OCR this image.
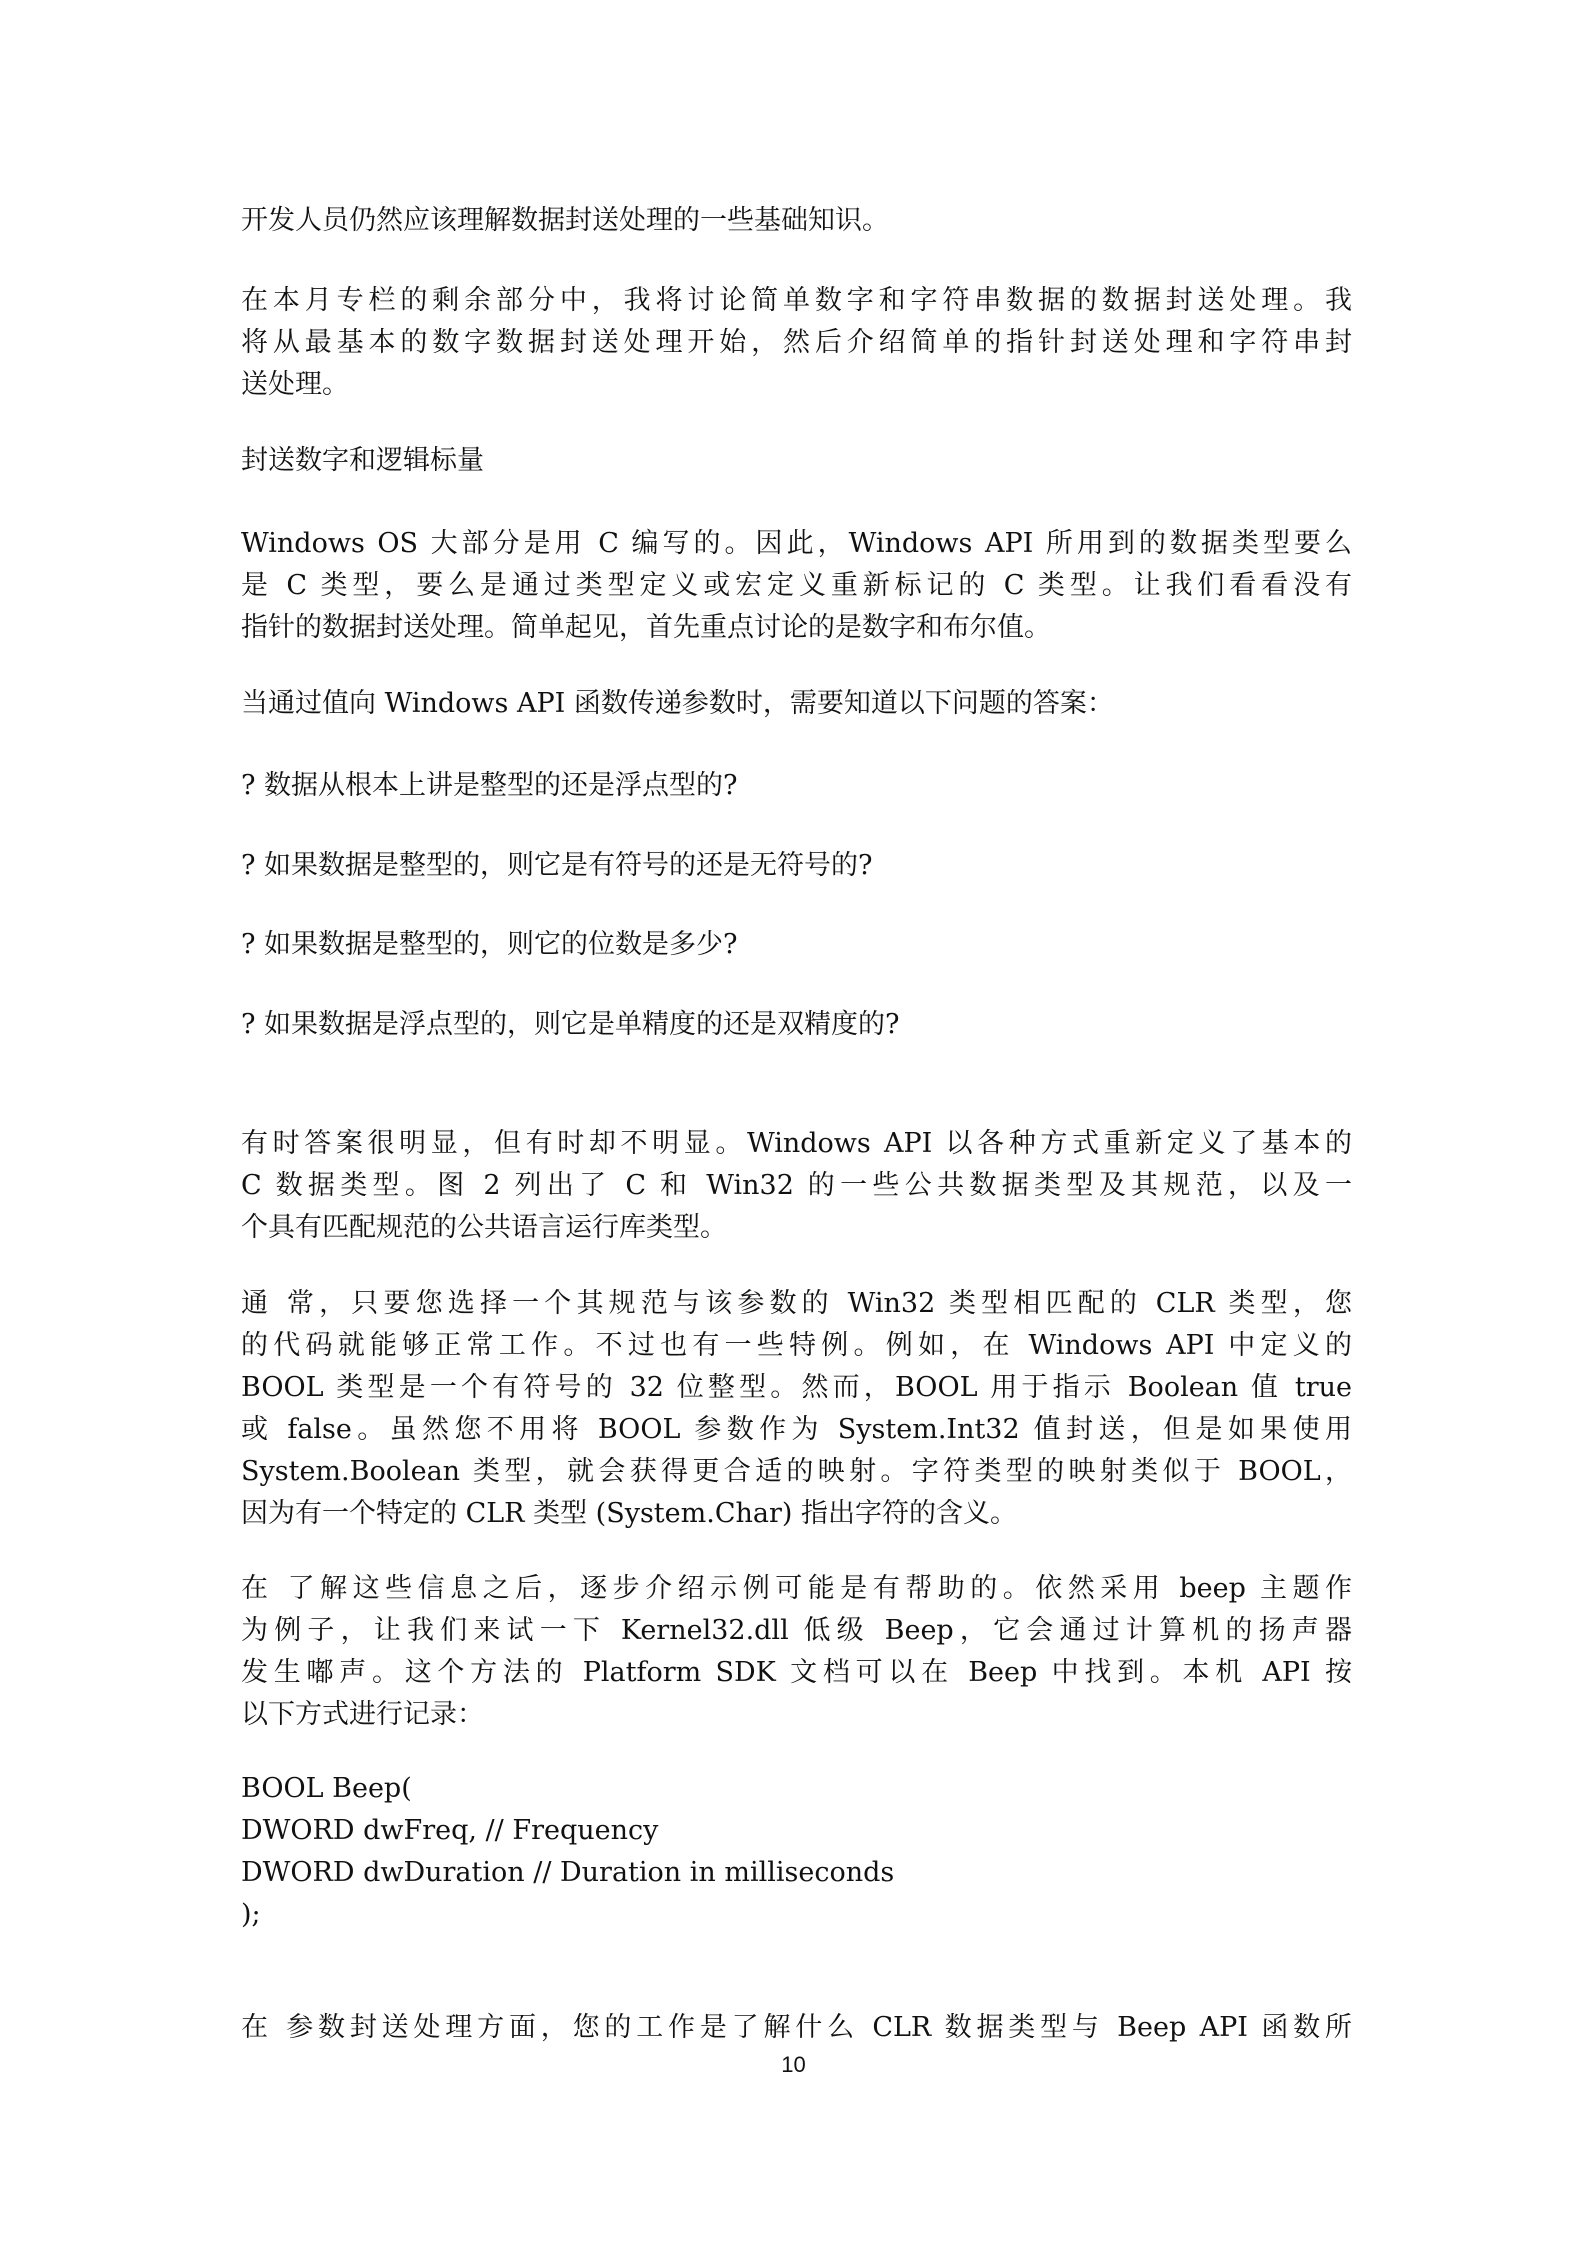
开发人员仍然应该理解数据封送处理的一些基础知识。
在本月专栏的剩余部分中，我将讨论简单数字和字符串数据的数据封送处理。我
将从最基本的数字数据封送处理开始，然后介绍简单的指针封送处理和字符串封
送处理。
封送数字和逻辑标量
Windows OS 大部分是用 C 编写的。因此，Windows API 所用到的数据类型要么
是 C 类型，要么是通过类型定义或宏定义重新标记的 C 类型。让我们看看没有
指针的数据封送处理。简单起见，首先重点讨论的是数字和布尔值。
当通过值向 Windows API 函数传递参数时，需要知道以下问题的答案：
? 数据从根本上讲是整型的还是浮点型的?
? 如果数据是整型的，则它是有符号的还是无符号的?
? 如果数据是整型的，则它的位数是多少?
? 如果数据是浮点型的，则它是单精度的还是双精度的?
有时答案很明显，但有时却不明显。Windows API 以各种方式重新定义了基本的
C 数据类型。图 2 列出了 C 和 Win32 的一些公共数据类型及其规范，以及一
个具有匹配规范的公共语言运行库类型。
通 常，只要您选择一个其规范与该参数的 Win32 类型相匹配的 CLR 类型，您
的代码就能够正常工作。不过也有一些特例。例如，在 Windows API 中定义的
BOOL 类型是一个有符号的 32 位整型。然而，BOOL 用于指示 Boolean 值 true
或 false。虽然您不用将 BOOL 参数作为 System.Int32 值封送，但是如果使用
System.Boolean 类型，就会获得更合适的映射。字符类型的映射类似于 BOOL，
因为有一个特定的 CLR 类型 (System.Char) 指出字符的含义。
在 了解这些信息之后，逐步介绍示例可能是有帮助的。依然采用 beep 主题作
为例子，让我们来试一下 Kernel32.dll 低级 Beep，它会通过计算机的扬声器
发生嘟声。这个方法的 Platform SDK 文档可以在 Beep 中找到。本机 API 按
以下方式进行记录：
BOOL Beep(
DWORD dwFreq, // Frequency
DWORD dwDuration // Duration in milliseconds
);
在 参数封送处理方面，您的工作是了解什么 CLR 数据类型与 Beep API 函数所
10
